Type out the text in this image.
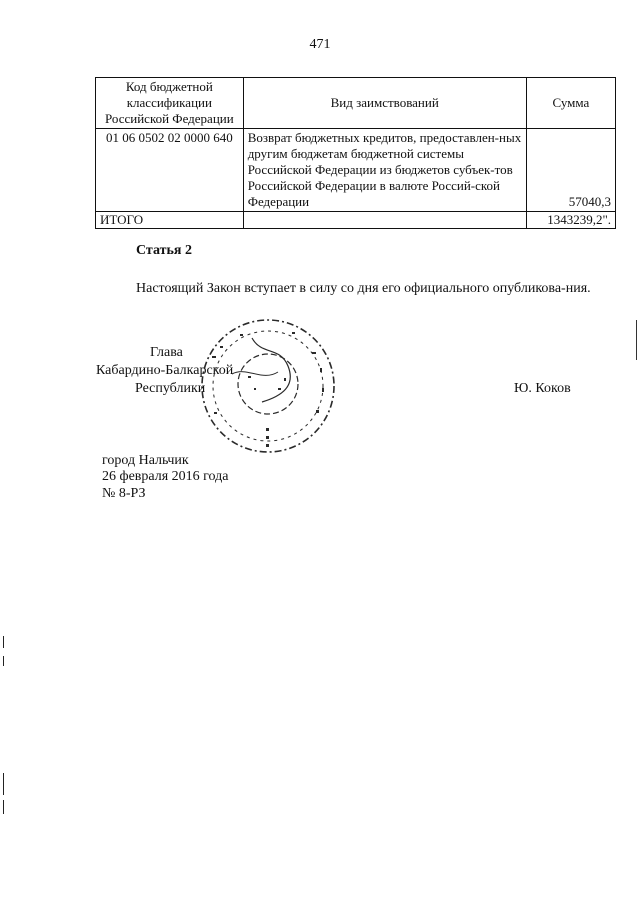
471
Код бюджетной классификации Российской Федерации	Вид заимствований	Сумма
01 06 0502 02 0000 640	Возврат бюджетных кредитов, предоставлен-ных другим бюджетам бюджетной системы Российской Федерации из бюджетов субъек-тов Российской Федерации в валюте Россий-ской Федерации	57040,3
ИТОГО		1343239,2".
Статья 2
Настоящий Закон вступает в силу со дня его официального опубликова-ния.
Глава
Кабардино-Балкарской
Республики	Ю. Коков
город Нальчик
26 февраля 2016 года
№ 8-РЗ
